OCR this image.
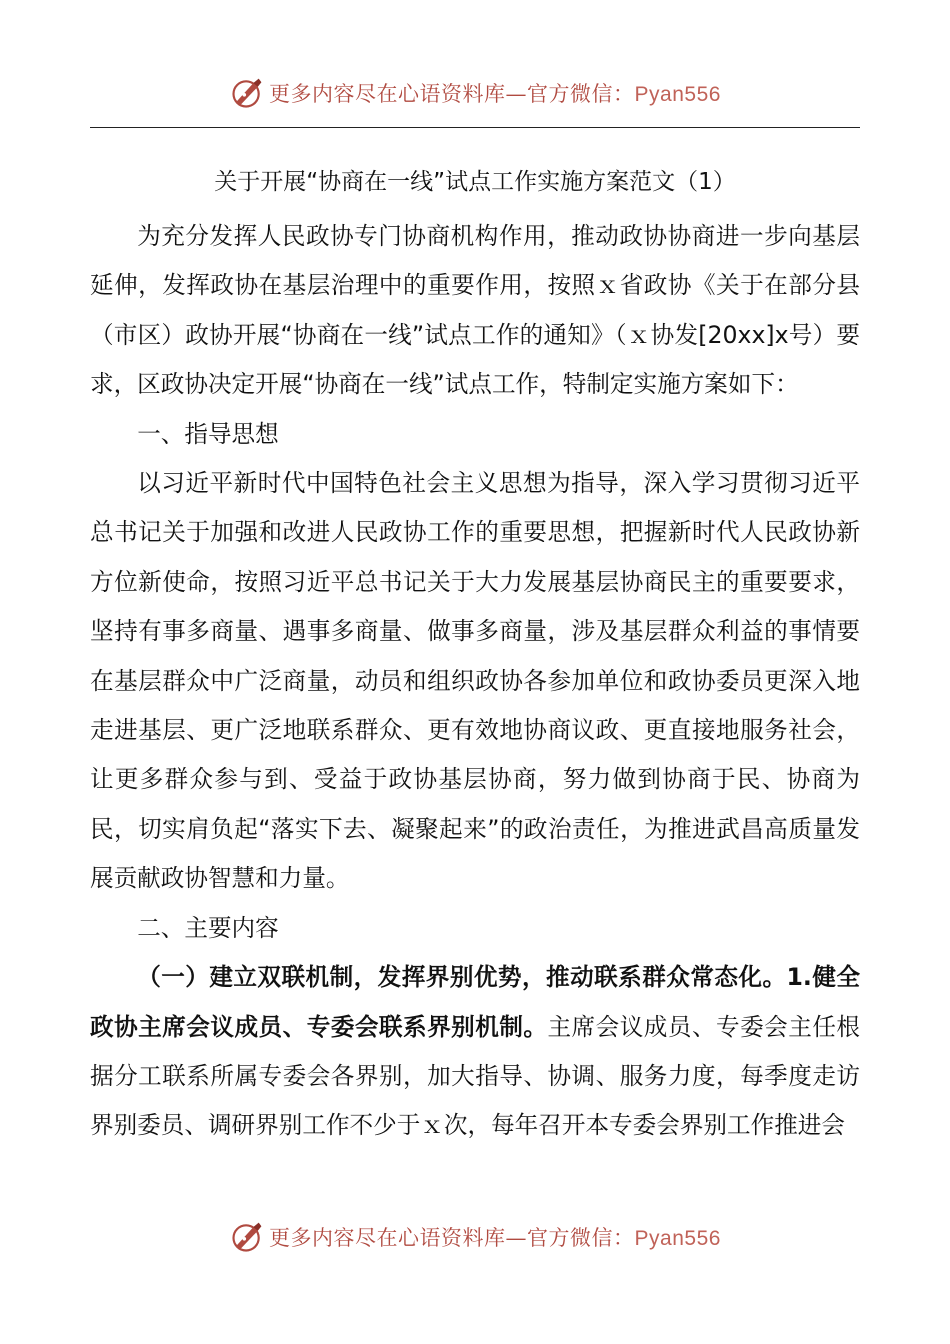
更多内容尽在心语资料库—官方微信：Pyan556
关于开展“协商在一线”试点工作实施方案范文（1）

为充分发挥人民政协专门协商机构作用，推动政协协商进一步向基层延伸，发挥政协在基层治理中的重要作用，按照ｘ省政协《关于在部分县（市区）政协开展“协商在一线”试点工作的通知》（ｘ协发[20xx]x号）要求，区政协决定开展“协商在一线”试点工作，特制定实施方案如下：

一、指导思想

以习近平新时代中国特色社会主义思想为指导，深入学习贯彻习近平总书记关于加强和改进人民政协工作的重要思想，把握新时代人民政协新方位新使命，按照习近平总书记关于大力发展基层协商民主的重要要求，坚持有事多商量、遇事多商量、做事多商量，涉及基层群众利益的事情要在基层群众中广泛商量，动员和组织政协各参加单位和政协委员更深入地走进基层、更广泛地联系群众、更有效地协商议政、更直接地服务社会，让更多群众参与到、受益于政协基层协商，努力做到协商于民、协商为民，切实肩负起“落实下去、凝聚起来”的政治责任，为推进武昌高质量发展贡献政协智慧和力量。

二、主要内容

（一）建立双联机制，发挥界别优势，推动联系群众常态化。1.健全政协主席会议成员、专委会联系界别机制。主席会议成员、专委会主任根据分工联系所属专委会各界别，加大指导、协调、服务力度，每季度走访界别委员、调研界别工作不少于ｘ次，每年召开本专委会界别工作推进会

更多内容尽在心语资料库—官方微信：Pyan556
